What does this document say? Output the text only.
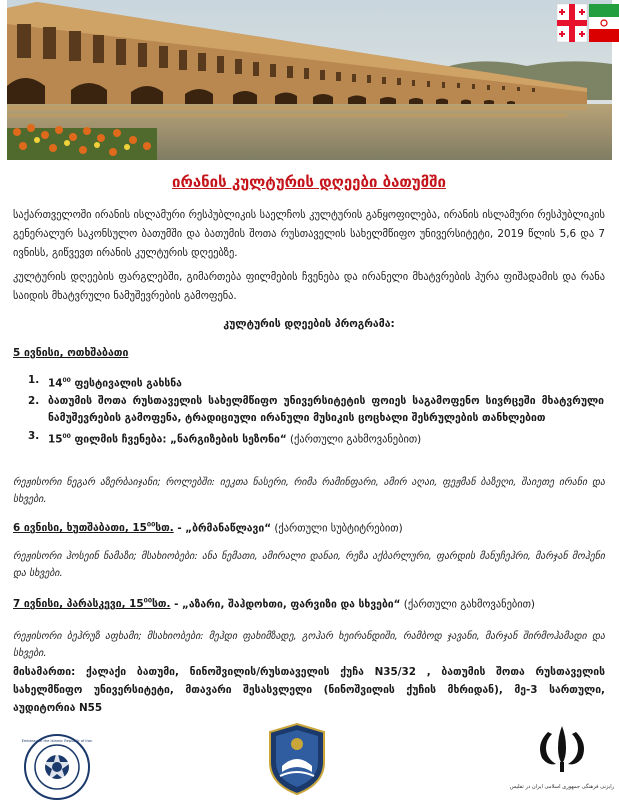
ირანის კულტურის დღეები ბათუმში

საქართველოში ირანის ისლამური რესპუბლიკის საელჩოს კულტურის განყოფილება, ირანის ისლამური რესპუბლიკის გენერალურ საკონსულო ბათუმში და ბათუმის შოთა რუსთაველის სახელმწიფო უნივერსიტეტი, 2019 წლის 5,6 და 7 ივნისს, გიწვევთ ირანის კულტურის დღეებზე.

კულტურის დღეების ფარგლებში, გიმართება ფილმების ჩვენება და ირანელი მხატვრების ჰურა ფიშადამის და რანა საიდის მხატვრული ნამუშევრების გამოფენა.

კულტურის დღეების პროგრამა:

5 ივნისი, ოთხშაბათი

1. $14^{00}$ ფესტივალის გახსნა
2. ბათუმის შოთა რუსთაველის სახელმწიფო უნივერსიტეტის ფოიეს საგამოფენო სივრცეში მხატვრული ნამუშევრების გამოფენა, ტრადიციული ირანული მუსიკის ცოცხალი შესრულების თანხლებით
3. $15^{00}$ ფილმის ჩვენება: „ნარგიზების სეზონი“ (ქართული გახმოვანებით)

რეჟისორი ნეგარ აზერბაიჯანი; როლებში: იეკთა ნასერი, რიმა რამინფარი, ამირ აღაი, ფეჟმან ბაზეღი, შაიეთე ირანი და სხვები.

6 ივნისი, ხუთშაბათი, $15^{00}სთ$. - „ბრმანაწლავი“ (ქართული სუბტიტრებით)

რეჟისორი ჰოსეინ ნამაზი; მსახიობები: ანა ნემათი, ამირალი დანაი, რეზა აქბარლური, ფარდის მანუჩეჰრი, მარჯან მოჰენი და სხვები.

7 ივნისი, პარასკევი, $15^{00}სთ$. - „აზარი, შაჰდოხთი, ფარვიზი და სხვები“ (ქართული გახმოვანებით)

რეჟისორი ბეჰრუზ აფხამი; მსახიობები: მეჰდი ფახიმზადე, გოჰარ ხეირანდიში, რამბოდ ჯავანი, მარჯან შირმოჰამადი და სხვები.

მისამართი: ქალაქი ბათუმი, ნინოშვილის/რუსთაველის ქუჩა N35/32 , ბათუმის შოთა რუსთაველის სახელმწიფო უნივერსიტეტი, მთავარი შესასვლელი (ნინოშვილის ქუჩის მხრიდან), მე-3 სართული, აუდიტორია N55

Embassy of the Islamic Republic of Iran
رایزنی فرهنگی جمهوری اسلامی ایران در تفلیس
